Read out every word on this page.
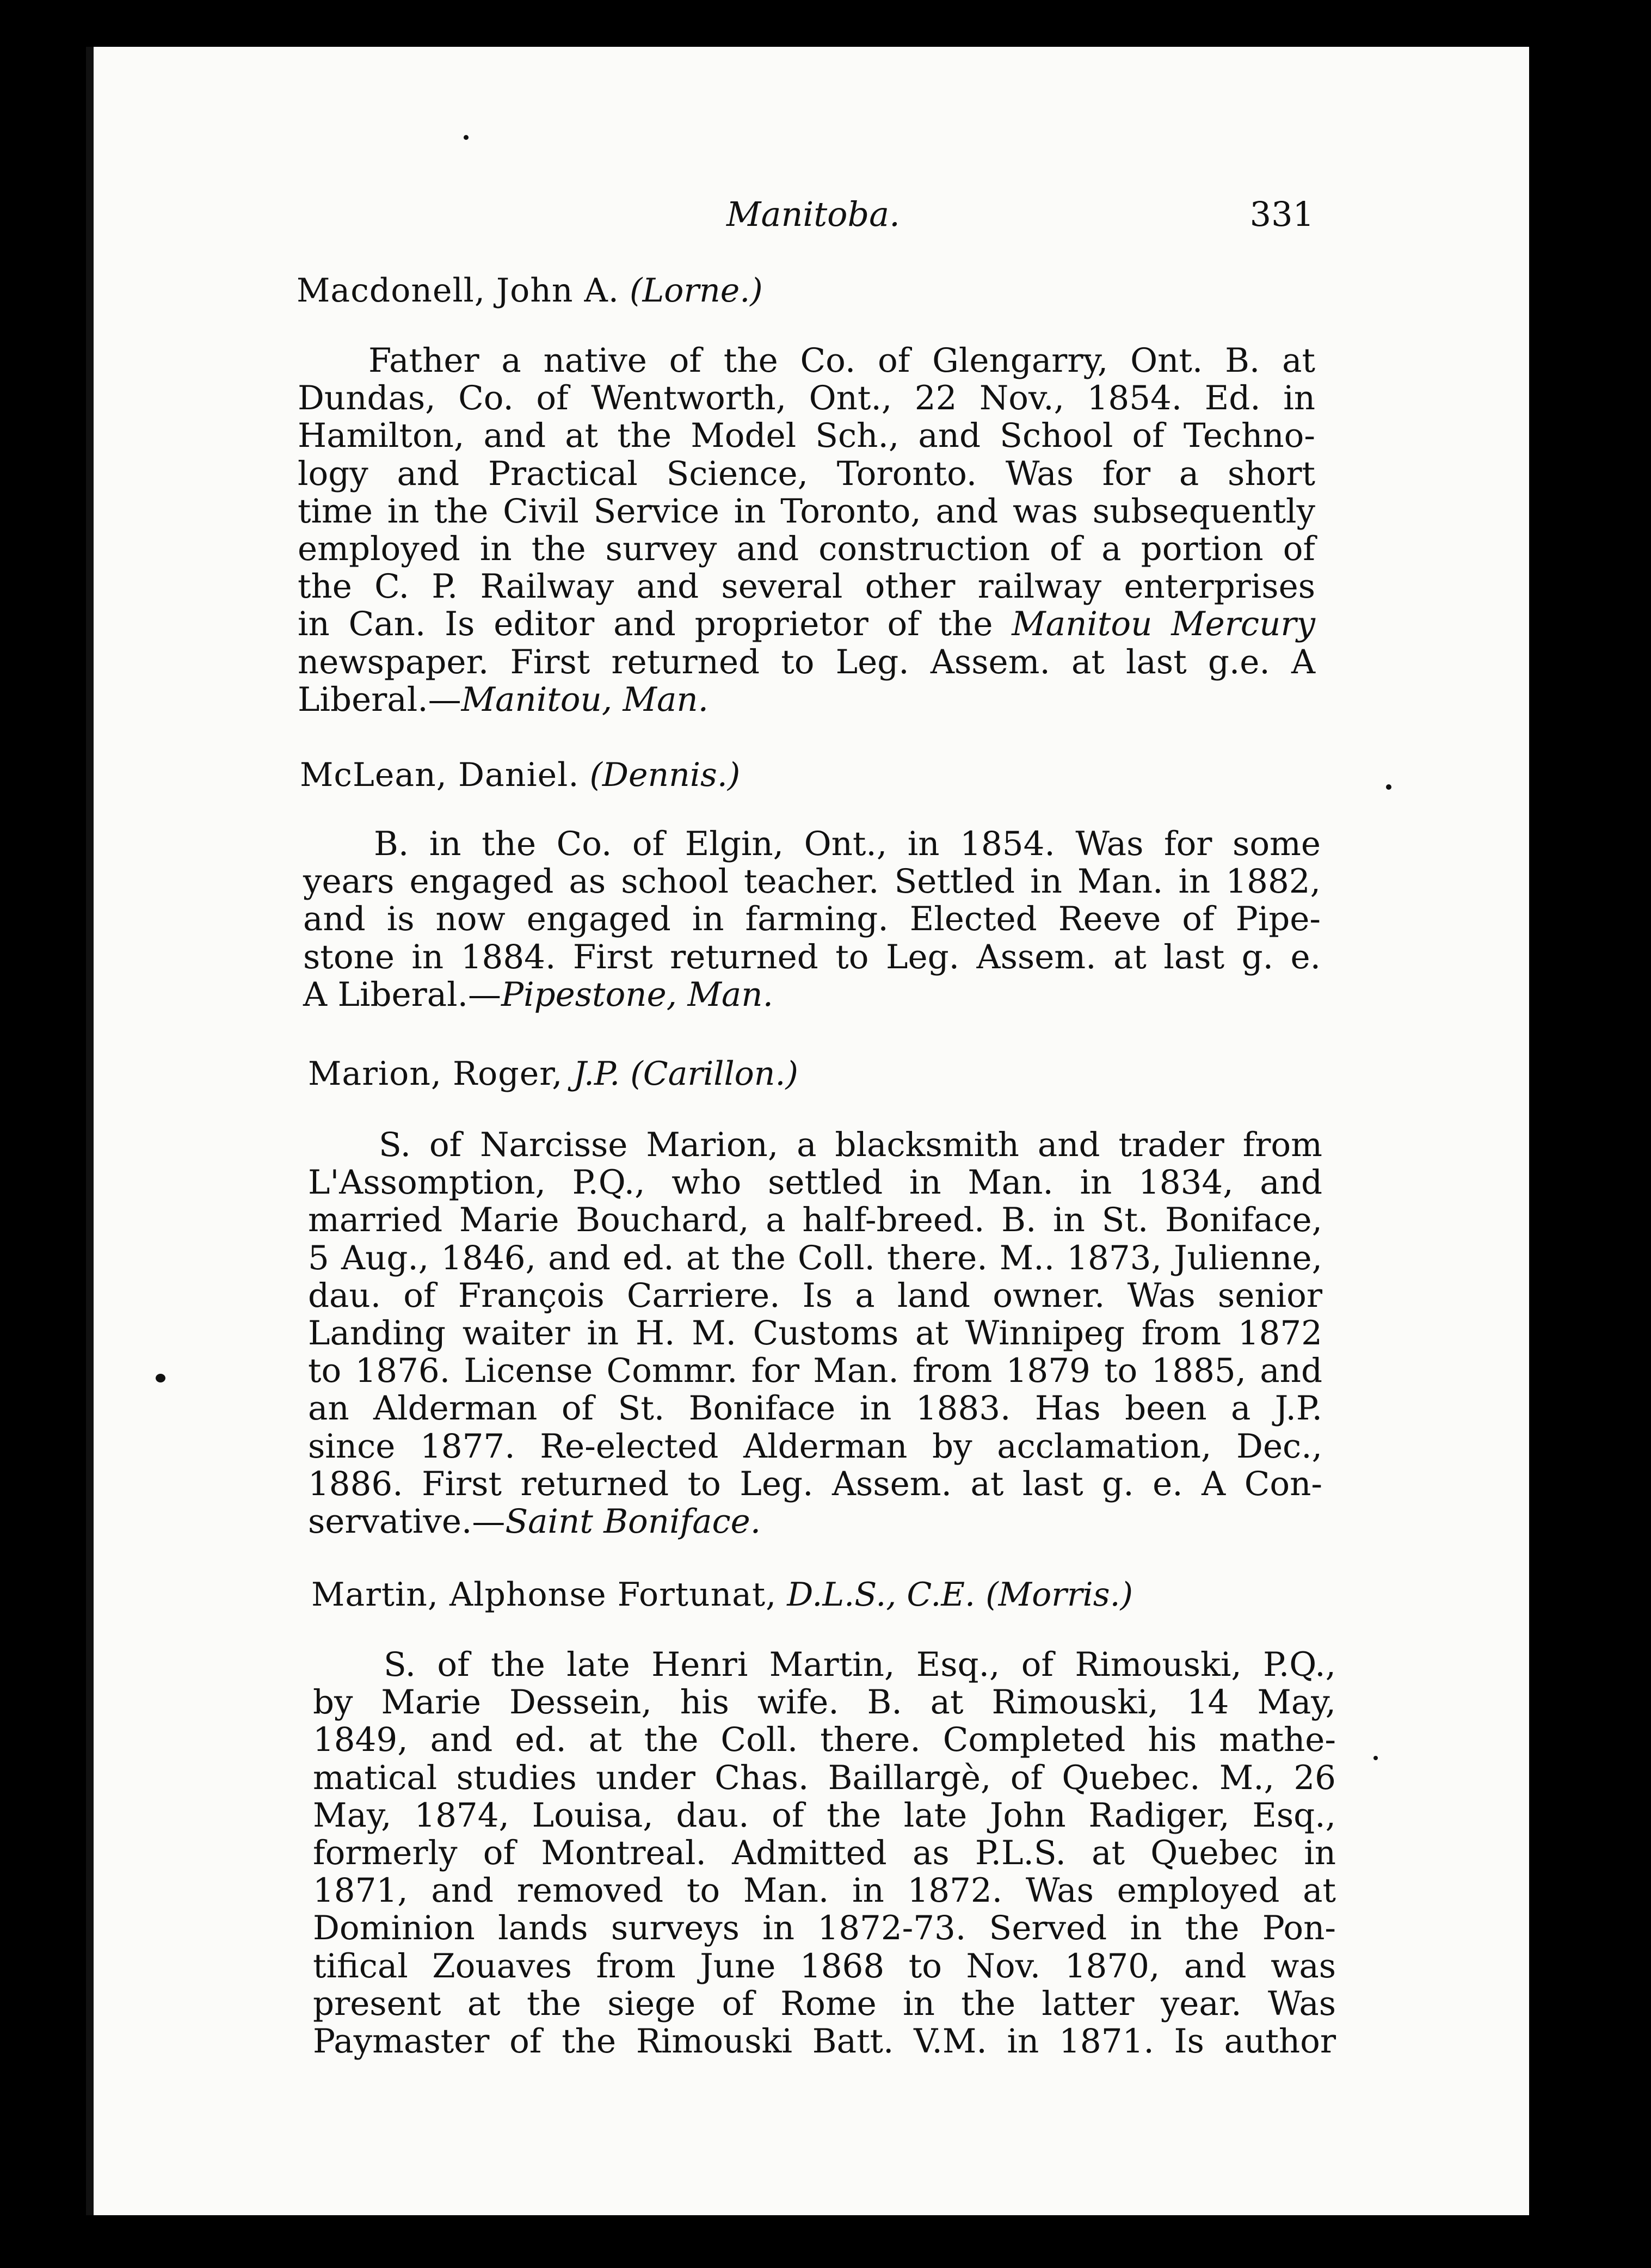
Manitoba.	331
Macdonell, John A. (Lorne.)

Father a native of the Co. of Glengarry, Ont. B. at
Dundas, Co. of Wentworth, Ont., 22 Nov., 1854. Ed. in
Hamilton, and at the Model Sch., and School of Techno-
logy and Practical Science, Toronto. Was for a short
time in the Civil Service in Toronto, and was subsequently
employed in the survey and construction of a portion of
the C. P. Railway and several other railway enterprises
in Can. Is editor and proprietor of the Manitou Mercury
newspaper. First returned to Leg. Assem. at last g.e. A
Liberal.—Manitou, Man.

McLean, Daniel. (Dennis.)

B. in the Co. of Elgin, Ont., in 1854. Was for some
years engaged as school teacher. Settled in Man. in 1882,
and is now engaged in farming. Elected Reeve of Pipe-
stone in 1884. First returned to Leg. Assem. at last g. e.
A Liberal.—Pipestone, Man.

Marion, Roger, J.P. (Carillon.)

S. of Narcisse Marion, a blacksmith and trader from
L'Assomption, P.Q., who settled in Man. in 1834, and
married Marie Bouchard, a half-breed. B. in St. Boniface,
5 Aug., 1846, and ed. at the Coll. there. M.. 1873, Julienne,
dau. of François Carriere. Is a land owner. Was senior
Landing waiter in H. M. Customs at Winnipeg from 1872
to 1876. License Commr. for Man. from 1879 to 1885, and
an Alderman of St. Boniface in 1883. Has been a J.P.
since 1877. Re-elected Alderman by acclamation, Dec.,
1886. First returned to Leg. Assem. at last g. e. A Con-
servative.—Saint Boniface.

Martin, Alphonse Fortunat, D.L.S., C.E. (Morris.)

S. of the late Henri Martin, Esq., of Rimouski, P.Q.,
by Marie Dessein, his wife. B. at Rimouski, 14 May,
1849, and ed. at the Coll. there. Completed his mathe-
matical studies under Chas. Baillargè, of Quebec. M., 26
May, 1874, Louisa, dau. of the late John Radiger, Esq.,
formerly of Montreal. Admitted as P.L.S. at Quebec in
1871, and removed to Man. in 1872. Was employed at
Dominion lands surveys in 1872-73. Served in the Pon-
tifical Zouaves from June 1868 to Nov. 1870, and was
present at the siege of Rome in the latter year. Was
Paymaster of the Rimouski Batt. V.M. in 1871. Is author
